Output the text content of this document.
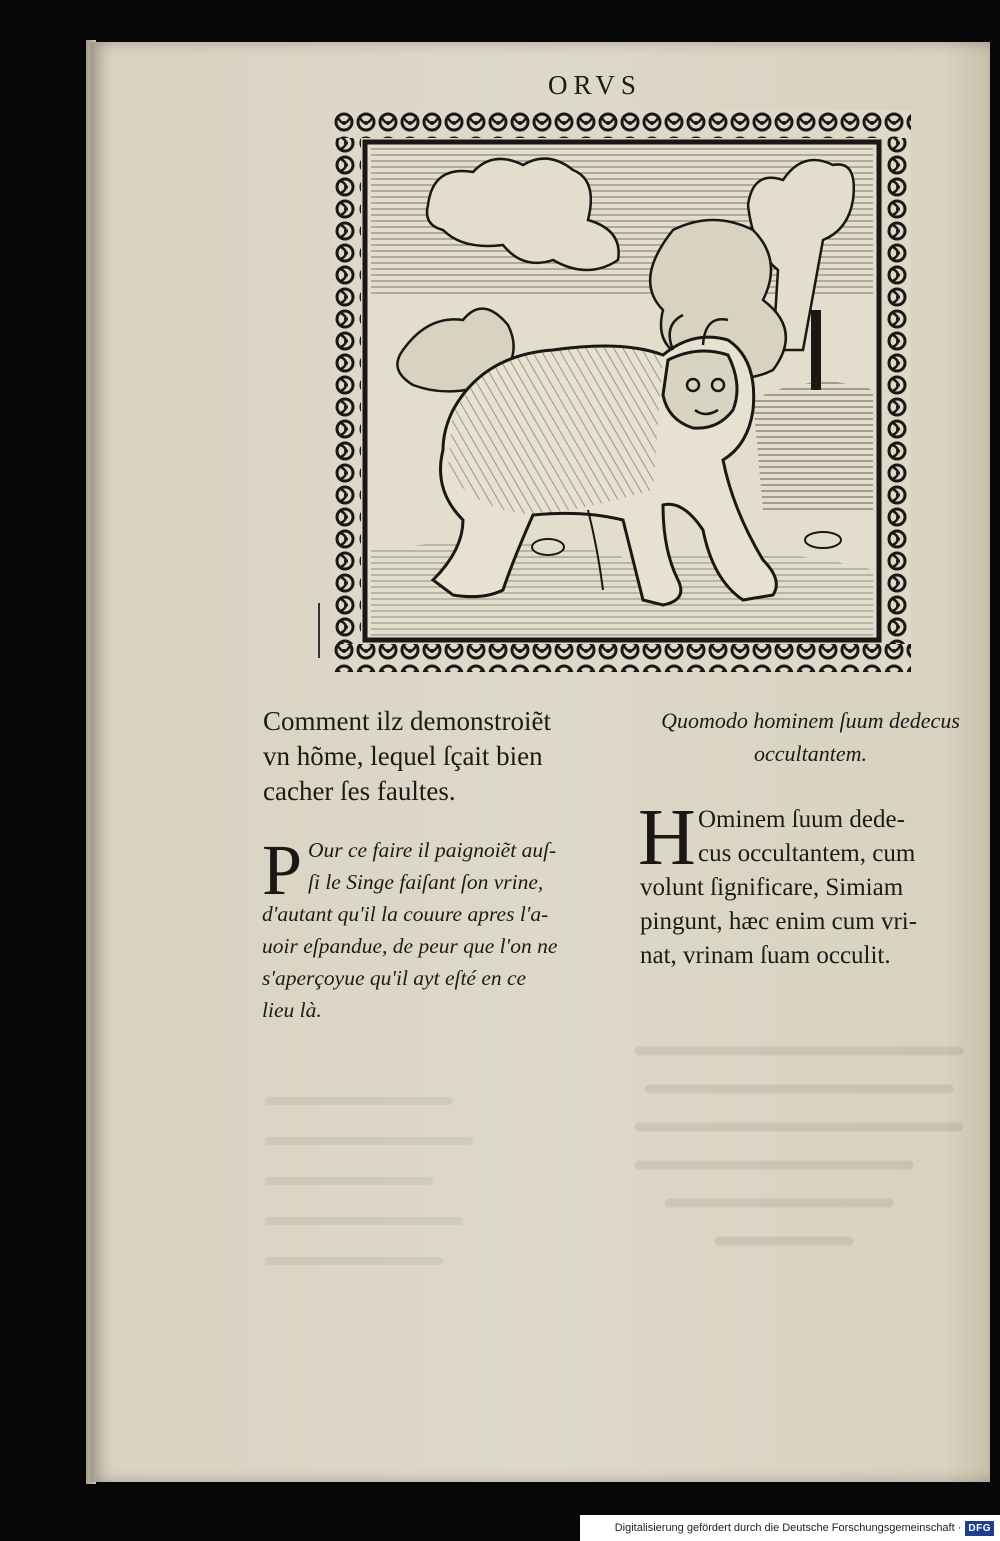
ORVS
Comment ilz demonstroiẽt
vn hõme, lequel ſçait bien
cacher ſes faultes.
Quomodo hominem ſuum dedecus
occultantem.
P Our ce faire il paignoiẽt auſ-
ſi le Singe faiſant ſon vrine,
d'autant qu'il la couure apres l'a-
uoir eſpandue, de peur que l'on ne
s'aperçoyue qu'il ayt eſté en ce
lieu là.
H Ominem ſuum dede-
cus occultantem, cum
volunt ſignificare, Simiam
pingunt, hæc enim cum vri-
nat, vrinam ſuam occulit.
Digitalisierung gefördert durch die Deutsche Forschungsgemeinschaft · DFG
